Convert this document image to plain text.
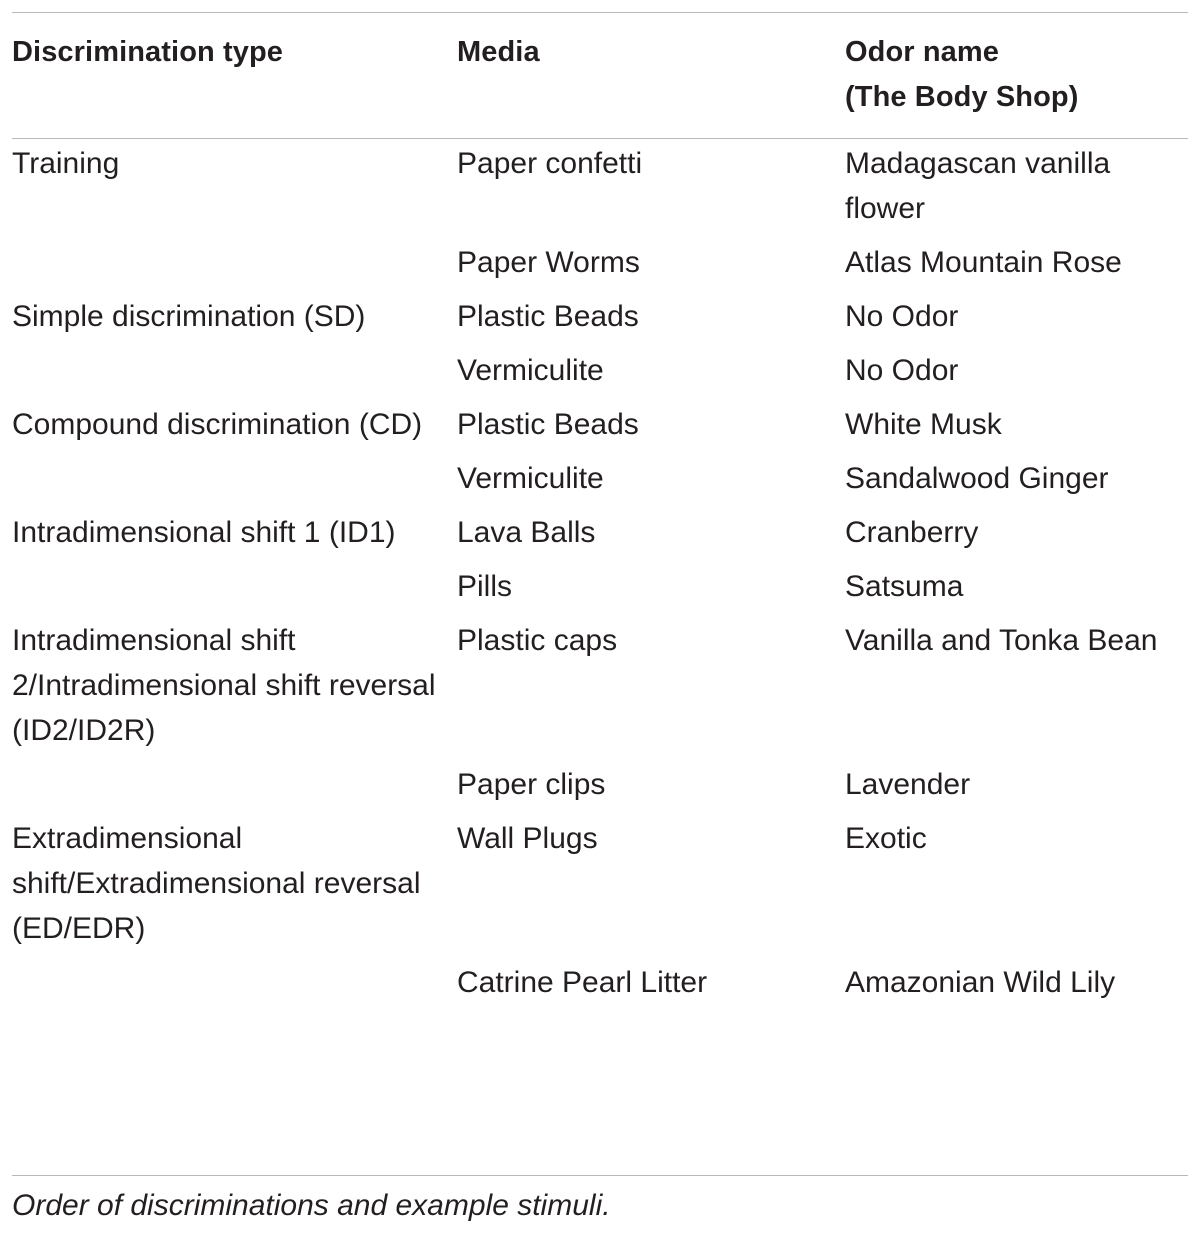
Discrimination type	Media	Odor name
(The Body Shop)
Training	Paper confetti	Madagascan vanilla flower
	Paper Worms	Atlas Mountain Rose
Simple discrimination (SD)	Plastic Beads	No Odor
	Vermiculite	No Odor
Compound discrimination (CD)	Plastic Beads	White Musk
	Vermiculite	Sandalwood Ginger
Intradimensional shift 1 (ID1)	Lava Balls	Cranberry
	Pills	Satsuma
Intradimensional shift 2/Intradimensional shift reversal (ID2/ID2R)	Plastic caps	Vanilla and Tonka Bean
	Paper clips	Lavender
Extradimensional shift/Extradimensional reversal (ED/EDR)	Wall Plugs	Exotic
	Catrine Pearl Litter	Amazonian Wild Lily
Order of discriminations and example stimuli.
